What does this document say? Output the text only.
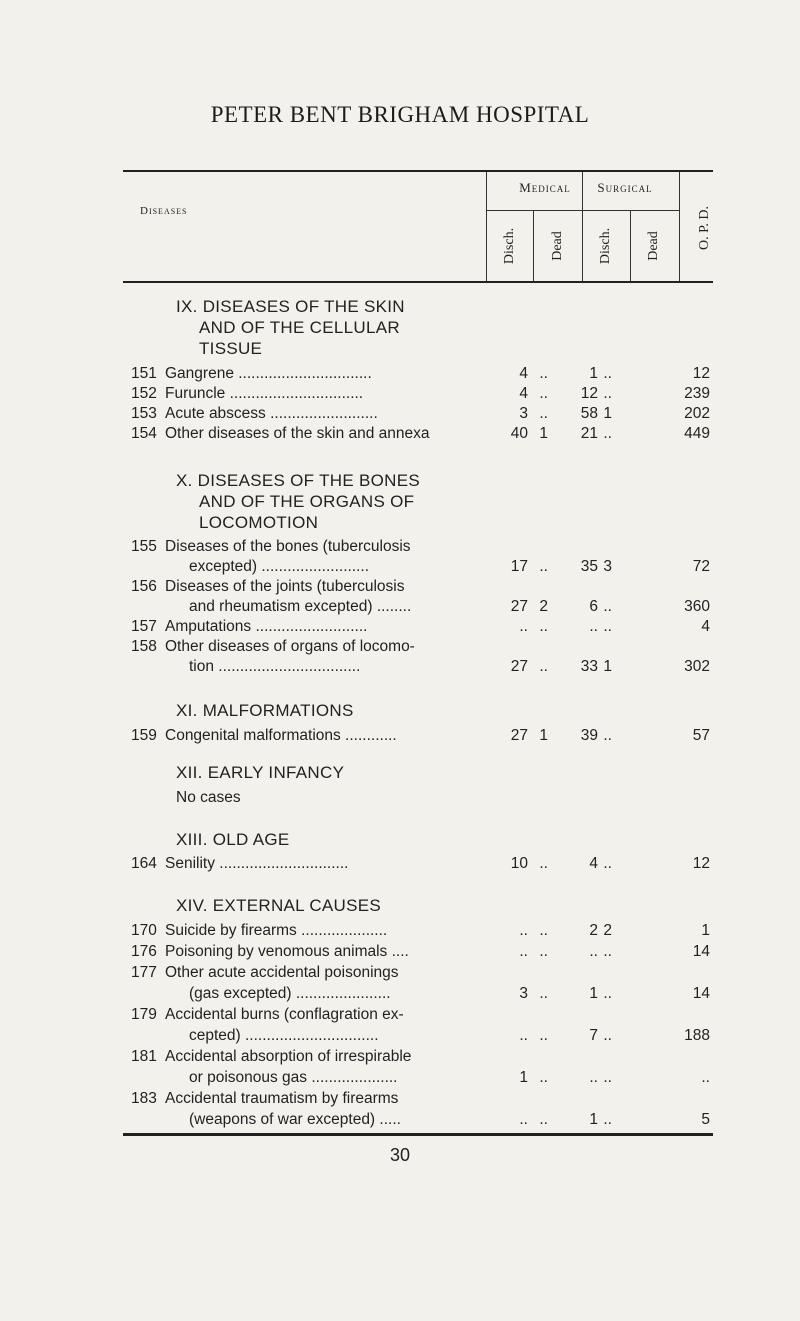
PETER BENT BRIGHAM HOSPITAL
Diseases
Medical	Surgical
Disch. Dead Disch. Dead	O. P. D.
IX. DISEASES OF THE SKIN
AND OF THE CELLULAR
TISSUE
151 Gangrene ...............................	4 ..	1 ..	12
152 Furuncle ...............................	4 ..	12 ..	239
153 Acute abscess .........................	3 ..	58 1	202
154 Other diseases of the skin and annexa	40 1	21 ..	449
X. DISEASES OF THE BONES
AND OF THE ORGANS OF
LOCOMOTION
155 Diseases of the bones (tuberculosis
excepted) .........................	17 ..	35 3	72
156 Diseases of the joints (tuberculosis
and rheumatism excepted) ........	27 2	6 ..	360
157 Amputations ..........................	.. ..	.. ..	4
158 Other diseases of organs of locomo-
tion .................................	27 ..	33 1	302
XI. MALFORMATIONS
159 Congenital malformations ............	27 1	39 ..	57
XII. EARLY INFANCY
No cases
XIII. OLD AGE
164 Senility ..............................	10 ..	4 ..	12
XIV. EXTERNAL CAUSES
170 Suicide by firearms ....................	.. ..	2 2	1
176 Poisoning by venomous animals ....	.. ..	.. ..	14
177 Other acute accidental poisonings
(gas excepted) ......................	3 ..	1 ..	14
179 Accidental burns (conflagration ex-
cepted) ...............................	.. ..	7 ..	188
181 Accidental absorption of irrespirable
or poisonous gas ....................	1 ..	.. ..	..
183 Accidental traumatism by firearms
(weapons of war excepted) .....	.. ..	1 ..	5
30
